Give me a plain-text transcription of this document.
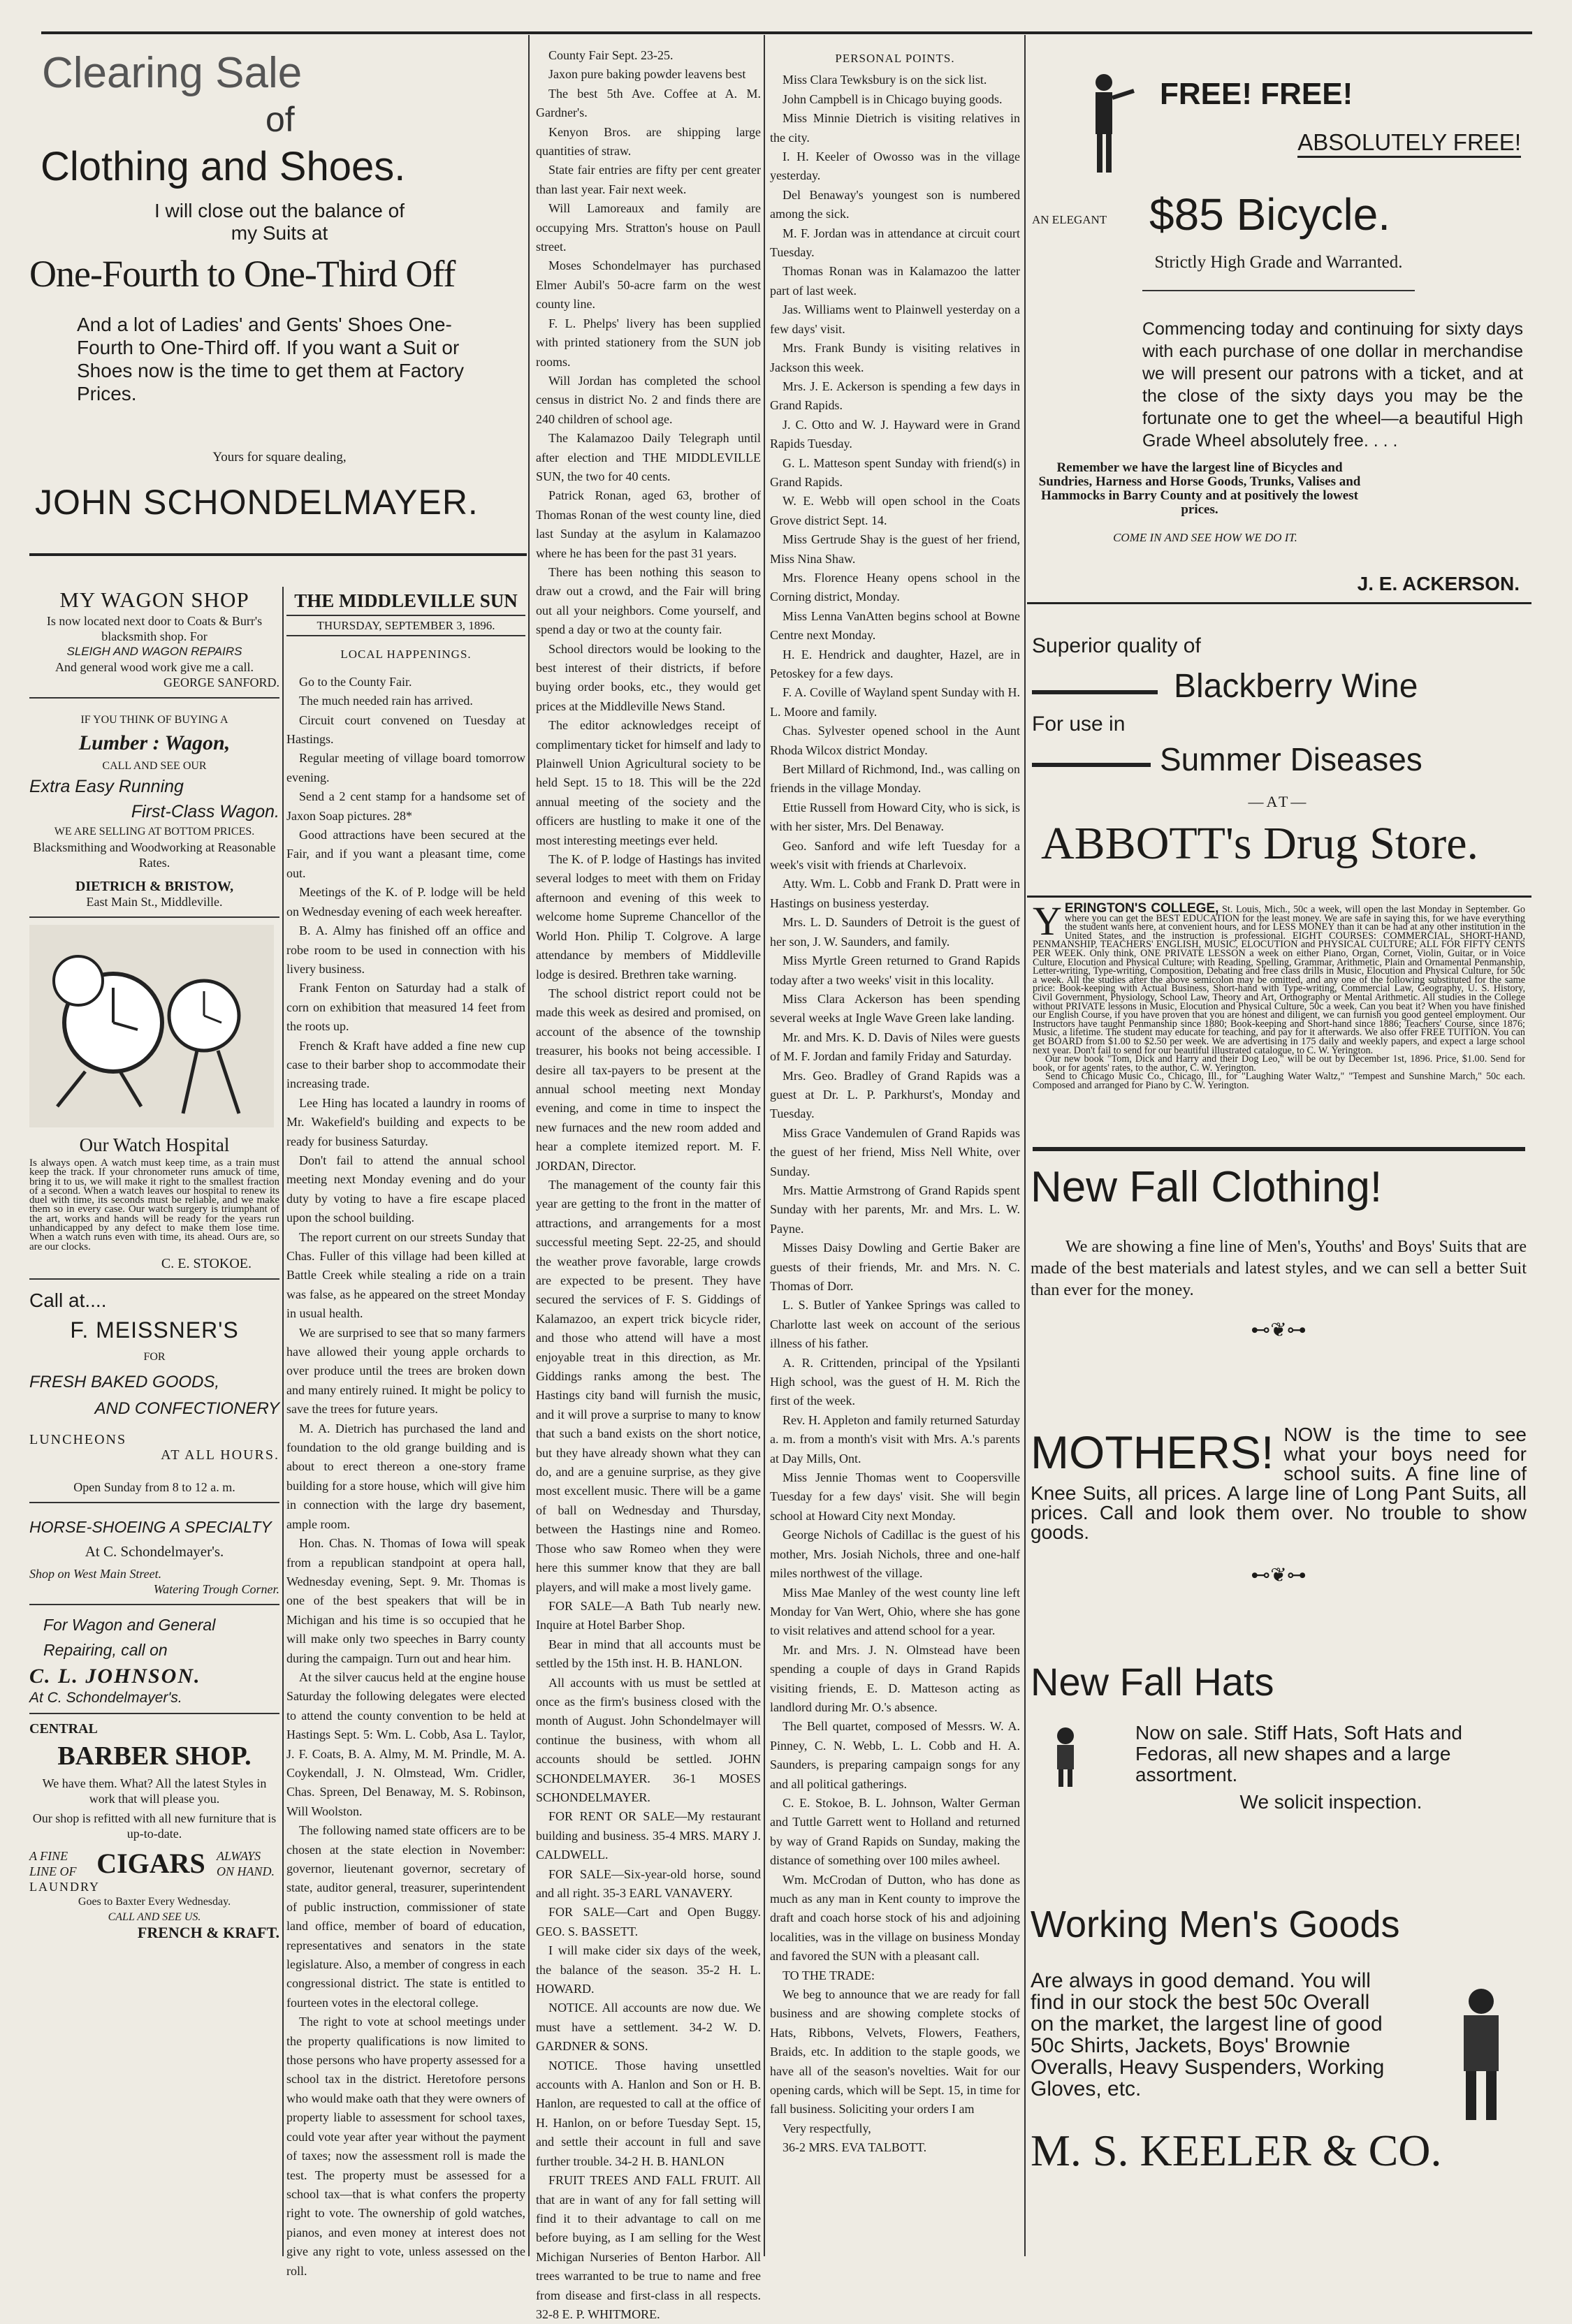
Clearing Sale
of
Clothing and Shoes.
I will close out the balance of
my Suits at
One-Fourth to One-Third Off
And a lot of Ladies' and Gents' Shoes One-Fourth to One-Third off. If you want a Suit or Shoes now is the time to get them at Factory Prices.
Yours for square dealing,
JOHN SCHONDELMAYER.
MY WAGON SHOP
Is now located next door to Coats & Burr's blacksmith shop. For
SLEIGH AND WAGON REPAIRS
And general wood work give me a call.
GEORGE SANFORD.
IF YOU THINK OF BUYING A
Lumber : Wagon,
CALL AND SEE OUR
Extra Easy Running
First-Class Wagon.
WE ARE SELLING AT BOTTOM PRICES.
Blacksmithing and Woodworking at Reasonable Rates.
DIETRICH & BRISTOW,
East Main St., Middleville.
Our Watch Hospital
Is always open. A watch must keep time, as a train must keep the track. If your chronometer runs amuck of time, bring it to us, we will make it right to the smallest fraction of a second. When a watch leaves our hospital to renew its duel with time, its seconds must be reliable, and we make them so in every case. Our watch surgery is triumphant of the art, works and hands will be ready for the years run unhandicapped by any defect to make them lose time. When a watch runs even with time, its ahead. Ours are, so are our clocks.
C. E. STOKOE.
Call at....
F. MEISSNER'S
FOR
FRESH BAKED GOODS,
AND CONFECTIONERY
LUNCHEONS
AT ALL HOURS.
Open Sunday from 8 to 12 a. m.
HORSE-SHOEING A SPECIALTY
At C. Schondelmayer's.
Shop on West Main Street.
Watering Trough Corner.
For Wagon and General Repairing, call on
C. L. JOHNSON.
At C. Schondelmayer's.
CENTRAL
BARBER SHOP.
We have them. What? All the latest Styles in work that will please you.
Our shop is refitted with all new furniture that is up-to-date.
A FINE LINE OF CIGARS ALWAYS ON HAND.
LAUNDRY
Goes to Baxter Every Wednesday.
CALL AND SEE US.
FRENCH & KRAFT.
THE MIDDLEVILLE SUN
THURSDAY, SEPTEMBER 3, 1896.
LOCAL HAPPENINGS.

Go to the County Fair.

The much needed rain has arrived.

Circuit court convened on Tuesday at Hastings.

Regular meeting of village board tomorrow evening.

Send a 2 cent stamp for a handsome set of Jaxon Soap pictures. 28*

Good attractions have been secured at the Fair, and if you want a pleasant time, come out.

Meetings of the K. of P. lodge will be held on Wednesday evening of each week hereafter.

B. A. Almy has finished off an office and robe room to be used in connection with his livery business.

Frank Fenton on Saturday had a stalk of corn on exhibition that measured 14 feet from the roots up.

French & Kraft have added a fine new cup case to their barber shop to accommodate their increasing trade.

Lee Hing has located a laundry in rooms of Mr. Wakefield's building and expects to be ready for business Saturday.

Don't fail to attend the annual school meeting next Monday evening and do your duty by voting to have a fire escape placed upon the school building.

The report current on our streets Sunday that Chas. Fuller of this village had been killed at Battle Creek while stealing a ride on a train was false, as he appeared on the street Monday in usual health.

We are surprised to see that so many farmers have allowed their young apple orchards to over produce until the trees are broken down and many entirely ruined. It might be policy to save the trees for future years.

M. A. Dietrich has purchased the land and foundation to the old grange building and is about to erect thereon a one-story frame building for a store house, which will give him in connection with the large dry basement, ample room.

Hon. Chas. N. Thomas of Iowa will speak from a republican standpoint at opera hall, Wednesday evening, Sept. 9. Mr. Thomas is one of the best speakers that will be in Michigan and his time is so occupied that he will make only two speeches in Barry county during the campaign. Turn out and hear him.

At the silver caucus held at the engine house Saturday the following delegates were elected to attend the county convention to be held at Hastings Sept. 5: Wm. L. Cobb, Asa L. Taylor, J. F. Coats, B. A. Almy, M. M. Prindle, M. A. Coykendall, J. N. Olmstead, Wm. Cridler, Chas. Spreen, Del Benaway, M. S. Robinson, Will Woolston.

The following named state officers are to be chosen at the state election in November: governor, lieutenant governor, secretary of state, auditor general, treasurer, superintendent of public instruction, commissioner of state land office, member of board of education, representatives and senators in the state legislature. Also, a member of congress in each congressional district. The state is entitled to fourteen votes in the electoral college.

The right to vote at school meetings under the property qualifications is now limited to those persons who have property assessed for a school tax in the district. Heretofore persons who would make oath that they were owners of property liable to assessment for school taxes, could vote year after year without the payment of taxes; now the assessment roll is made the test. The property must be assessed for a school tax—that is what confers the property right to vote. The ownership of gold watches, pianos, and even money at interest does not give any right to vote, unless assessed on the roll.

County Fair Sept. 23-25.

Jaxon pure baking powder leavens best

The best 5th Ave. Coffee at A. M. Gardner's.

Kenyon Bros. are shipping large quantities of straw.

State fair entries are fifty per cent greater than last year. Fair next week.

Will Lamoreaux and family are occupying Mrs. Stratton's house on Paull street.

Moses Schondelmayer has purchased Elmer Aubil's 50-acre farm on the west county line.

F. L. Phelps' livery has been supplied with printed stationery from the SUN job rooms.

Will Jordan has completed the school census in district No. 2 and finds there are 240 children of school age.

The Kalamazoo Daily Telegraph until after election and THE MIDDLEVILLE SUN, the two for 40 cents.

Patrick Ronan, aged 63, brother of Thomas Ronan of the west county line, died last Sunday at the asylum in Kalamazoo where he has been for the past 31 years.

There has been nothing this season to draw out a crowd, and the Fair will bring out all your neighbors. Come yourself, and spend a day or two at the county fair.

School directors would be looking to the best interest of their districts, if before buying order books, etc., they would get prices at the Middleville News Stand.

The editor acknowledges receipt of complimentary ticket for himself and lady to Plainwell Union Agricultural society to be held Sept. 15 to 18. This will be the 22d annual meeting of the society and the officers are hustling to make it one of the most interesting meetings ever held.

The K. of P. lodge of Hastings has invited several lodges to meet with them on Friday afternoon and evening of this week to welcome home Supreme Chancellor of the World Hon. Philip T. Colgrove. A large attendance by members of Middleville lodge is desired. Brethren take warning.

The school district report could not be made this week as desired and promised, on account of the absence of the township treasurer, his books not being accessible. I desire all tax-payers to be present at the annual school meeting next Monday evening, and come in time to inspect the new furnaces and the new room added and hear a complete itemized report. M. F. JORDAN, Director.

The management of the county fair this year are getting to the front in the matter of attractions, and arrangements for a most successful meeting Sept. 22-25, and should the weather prove favorable, large crowds are expected to be present. They have secured the services of F. S. Giddings of Kalamazoo, an expert trick bicycle rider, and those who attend will have a most enjoyable treat in this direction, as Mr. Giddings ranks among the best. The Hastings city band will furnish the music, and it will prove a surprise to many to know that such a band exists on the short notice, but they have already shown what they can do, and are a genuine surprise, as they give most excellent music. There will be a game of ball on Wednesday and Thursday, between the Hastings nine and Romeo. Those who saw Romeo when they were here this summer know that they are ball players, and will make a most lively game.

FOR SALE—A Bath Tub nearly new. Inquire at Hotel Barber Shop.

Bear in mind that all accounts must be settled by the 15th inst. H. B. HANLON.

All accounts with us must be settled at once as the firm's business closed with the month of August. John Schondelmayer will continue the business, with whom all accounts should be settled. JOHN SCHONDELMAYER. 36-1 MOSES SCHONDELMAYER.

FOR RENT OR SALE—My restaurant building and business. 35-4 MRS. MARY J. CALDWELL.

FOR SALE—Six-year-old horse, sound and all right. 35-3 EARL VANAVERY.

FOR SALE—Cart and Open Buggy. GEO. S. BASSETT.

I will make cider six days of the week, the balance of the season. 35-2 H. L. HOWARD.

NOTICE. All accounts are now due. We must have a settlement. 34-2 W. D. GARDNER & SONS.

NOTICE. Those having unsettled accounts with A. Hanlon and Son or H. B. Hanlon, are requested to call at the office of H. Hanlon, on or before Tuesday Sept. 15, and settle their account in full and save further trouble. 34-2 H. B. HANLON

FRUIT TREES AND FALL FRUIT. All that are in want of any for fall setting will find it to their advantage to call on me before buying, as I am selling for the West Michigan Nurseries of Benton Harbor. All trees warranted to be true to name and free from disease and first-class in all respects. 32-8 E. P. WHITMORE.

PERSONAL POINTS.

Miss Clara Tewksbury is on the sick list.

John Campbell is in Chicago buying goods.

Miss Minnie Dietrich is visiting relatives in the city.

I. H. Keeler of Owosso was in the village yesterday.

Del Benaway's youngest son is numbered among the sick.

M. F. Jordan was in attendance at circuit court Tuesday.

Thomas Ronan was in Kalamazoo the latter part of last week.

Jas. Williams went to Plainwell yesterday on a few days' visit.

Mrs. Frank Bundy is visiting relatives in Jackson this week.

Mrs. J. E. Ackerson is spending a few days in Grand Rapids.

J. C. Otto and W. J. Hayward were in Grand Rapids Tuesday.

G. L. Matteson spent Sunday with friend(s) in Grand Rapids.

W. E. Webb will open school in the Coats Grove district Sept. 14.

Miss Gertrude Shay is the guest of her friend, Miss Nina Shaw.

Mrs. Florence Heany opens school in the Corning district, Monday.

Miss Lenna VanAtten begins school at Bowne Centre next Monday.

H. E. Hendrick and daughter, Hazel, are in Petoskey for a few days.

F. A. Coville of Wayland spent Sunday with H. L. Moore and family.

Chas. Sylvester opened school in the Aunt Rhoda Wilcox district Monday.

Bert Millard of Richmond, Ind., was calling on friends in the village Monday.

Ettie Russell from Howard City, who is sick, is with her sister, Mrs. Del Benaway.

Geo. Sanford and wife left Tuesday for a week's visit with friends at Charlevoix.

Atty. Wm. L. Cobb and Frank D. Pratt were in Hastings on business yesterday.

Mrs. L. D. Saunders of Detroit is the guest of her son, J. W. Saunders, and family.

Miss Myrtle Green returned to Grand Rapids today after a two weeks' visit in this locality.

Miss Clara Ackerson has been spending several weeks at Ingle Wave Green lake landing.

Mr. and Mrs. K. D. Davis of Niles were guests of M. F. Jordan and family Friday and Saturday.

Mrs. Geo. Bradley of Grand Rapids was a guest at Dr. L. P. Parkhurst's, Monday and Tuesday.

Miss Grace Vandemulen of Grand Rapids was the guest of her friend, Miss Nell White, over Sunday.

Mrs. Mattie Armstrong of Grand Rapids spent Sunday with her parents, Mr. and Mrs. L. W. Payne.

Misses Daisy Dowling and Gertie Baker are guests of their friends, Mr. and Mrs. N. C. Thomas of Dorr.

L. S. Butler of Yankee Springs was called to Charlotte last week on account of the serious illness of his father.

A. R. Crittenden, principal of the Ypsilanti High school, was the guest of H. M. Rich the first of the week.

Rev. H. Appleton and family returned Saturday a. m. from a month's visit with Mrs. A.'s parents at Day Mills, Ont.

Miss Jennie Thomas went to Coopersville Tuesday for a few days' visit. She will begin school at Howard City next Monday.

George Nichols of Cadillac is the guest of his mother, Mrs. Josiah Nichols, three and one-half miles northwest of the village.

Miss Mae Manley of the west county line left Monday for Van Wert, Ohio, where she has gone to visit relatives and attend school for a year.

Mr. and Mrs. J. N. Olmstead have been spending a couple of days in Grand Rapids visiting friends, E. D. Matteson acting as landlord during Mr. O.'s absence.

The Bell quartet, composed of Messrs. W. A. Pinney, C. N. Webb, L. L. Cobb and H. A. Saunders, is preparing campaign songs for any and all political gatherings.

C. E. Stokoe, B. L. Johnson, Walter German and Tuttle Garrett went to Holland and returned by way of Grand Rapids on Sunday, making the distance of something over 100 miles awheel.

Wm. McCrodan of Dutton, who has done as much as any man in Kent county to improve the draft and coach horse stock of his and adjoining localities, was in the village on business Monday and favored the SUN with a pleasant call.

TO THE TRADE:

We beg to announce that we are ready for fall business and are showing complete stocks of Hats, Ribbons, Velvets, Flowers, Feathers, Braids, etc. In addition to the staple goods, we have all of the season's novelties. Wait for our opening cards, which will be Sept. 15, in time for fall business. Soliciting your orders I am

Very respectfully,

36-2 MRS. EVA TALBOTT.

FREE! FREE!
ABSOLUTELY FREE!
AN ELEGANT $85 Bicycle.
Strictly High Grade and Warranted.
Commencing today and continuing for sixty days with each purchase of one dollar in merchandise we will present our patrons with a ticket, and at the close of the sixty days you may be the fortunate one to get the wheel—a beautiful High Grade Wheel absolutely free. . . .
Remember we have the largest line of Bicycles and Sundries, Harness and Horse Goods, Trunks, Valises and Hammocks in Barry County and at positively the lowest prices.
COME IN AND SEE HOW WE DO IT.
J. E. ACKERSON.
Superior quality of
Blackberry Wine
For use in
Summer Diseases
—AT—
ABBOTT's Drug Store.
Y ERINGTON'S COLLEGE, St. Louis, Mich., 50c a week, will open the last Monday in September. Go where you can get the BEST EDUCATION for the least money. We are safe in saying this, for we have everything the student wants here, at convenient hours, and for LESS MONEY than it can be had at any other institution in the United States, and the instruction is professional. EIGHT COURSES: COMMERCIAL, SHORT-HAND, PENMANSHIP, TEACHERS' ENGLISH, MUSIC, ELOCUTION and PHYSICAL CULTURE; ALL FOR FIFTY CENTS PER WEEK. Only think, ONE PRIVATE LESSON a week on either Piano, Organ, Cornet, Violin, Guitar, or in Voice Culture, Elocution and Physical Culture; with Reading, Spelling, Grammar, Arithmetic, Plain and Ornamental Penmanship, Letter-writing, Type-writing, Composition, Debating and free class drills in Music, Elocution and Physical Culture, for 50c a week. All the studies after the above semicolon may be omitted, and any one of the following substituted for the same price: Book-keeping with Actual Business, Short-hand with Type-writing, Commercial Law, Geography, U. S. History, Civil Government, Physiology, School Law, Theory and Art, Orthography or Mental Arithmetic. All studies in the College without PRIVATE lessons in Music, Elocution and Physical Culture, 50c a week. Can you beat it? When you have finished our English Course, if you have proven that you are honest and diligent, we can furnish you good genteel employment. Our Instructors have taught Penmanship since 1880; Book-keeping and Short-hand since 1886; Teachers' Course, since 1876; Music, a lifetime. The student may educate for teaching, and pay for it afterwards. We also offer FREE TUITION. You can get BOARD from $1.00 to $2.50 per week. We are advertising in 175 daily and weekly papers, and expect a large school next year. Don't fail to send for our beautiful illustrated catalogue, to C. W. Yerington.
Our new book "Tom, Dick and Harry and their Dog Leo," will be out by December 1st, 1896. Price, $1.00. Send for book, or for agents' rates, to the author, C. W. Yerington.
Send to Chicago Music Co., Chicago, Ill., for "Laughing Water Waltz," "Tempest and Sunshine March," 50c each. Composed and arranged for Piano by C. W. Yerington.
New Fall Clothing!
We are showing a fine line of Men's, Youths' and Boys' Suits that are made of the best materials and latest styles, and we can sell a better Suit than ever for the money.
⊷❦⊶
MOTHERS! NOW is the time to see what your boys need for school suits. A fine line of Knee Suits, all prices. A large line of Long Pant Suits, all prices. Call and look them over. No trouble to show goods.
⊷❦⊶
New Fall Hats
Now on sale. Stiff Hats, Soft Hats and Fedoras, all new shapes and a large assortment.
We solicit inspection.
Working Men's Goods
Are always in good demand. You will find in our stock the best 50c Overall on the market, the largest line of good 50c Shirts, Jackets, Boys' Brownie Overalls, Heavy Suspenders, Working Gloves, etc.
M. S. KEELER & CO.
